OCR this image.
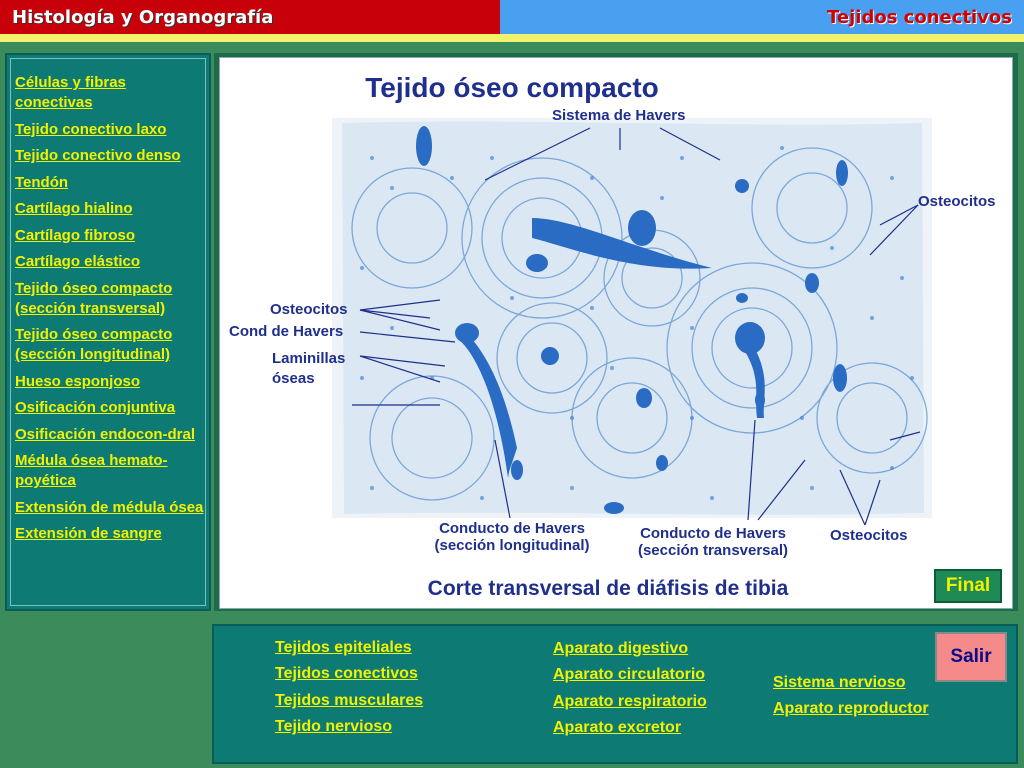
Histología y Organografía	Tejidos conectivos
Células y fibras conectivas
Tejido conectivo laxo
Tejido conectivo denso
Tendón
Cartílago hialino
Cartílago fibroso
Cartílago elástico
Tejido óseo compacto (sección transversal)
Tejido óseo compacto (sección longitudinal)
Hueso esponjoso
Osificación conjuntiva
Osificación endocon-dral
Médula ósea hemato-poyética
Extensión de médula ósea
Extensión de sangre
Tejido óseo compacto
Sistema de Havers
Osteocitos
Osteocitos
Cond de Havers
Laminillas
óseas
Conducto de Havers
(sección longitudinal)
Conducto de Havers
(sección transversal)
Osteocitos
Corte transversal de diáfisis de tibia	Final
Tejidos epiteliales
Tejidos conectivos
Tejidos musculares
Tejido nervioso
Aparato digestivo
Aparato circulatorio
Aparato respiratorio
Aparato excretor
Sistema nervioso
Aparato reproductor
Salir
